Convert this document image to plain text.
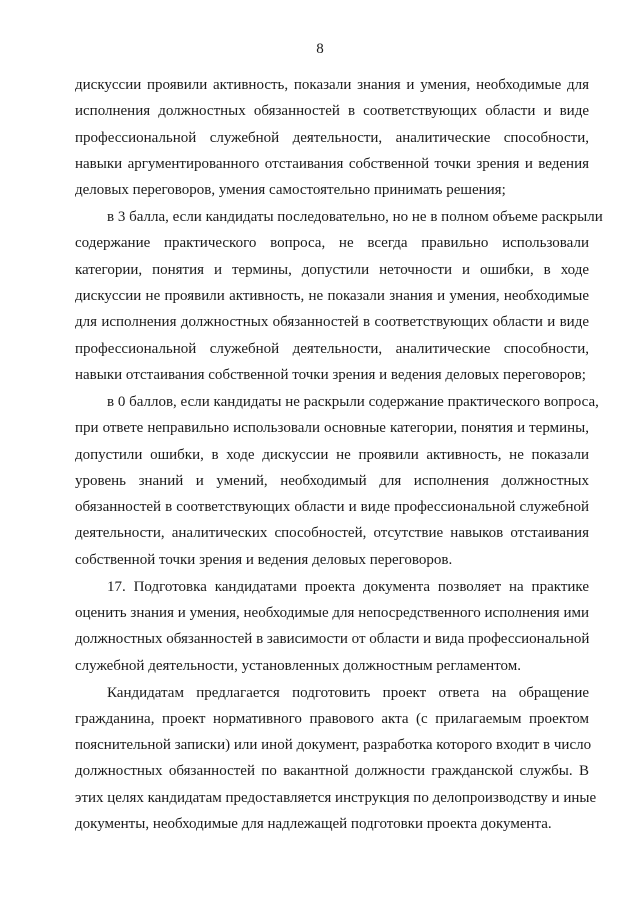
8
дискуссии проявили активность, показали знания и умения, необходимые для
исполнения должностных обязанностей в соответствующих области и виде
профессиональной служебной деятельности, аналитические способности,
навыки аргументированного отстаивания собственной точки зрения и ведения
деловых переговоров, умения самостоятельно принимать решения;
в 3 балла, если кандидаты последовательно, но не в полном объеме раскрыли
содержание практического вопроса, не всегда правильно использовали
категории, понятия и термины, допустили неточности и ошибки, в ходе
дискуссии не проявили активность, не показали знания и умения, необходимые
для исполнения должностных обязанностей в соответствующих области и виде
профессиональной служебной деятельности, аналитические способности,
навыки отстаивания собственной точки зрения и ведения деловых переговоров;
в 0 баллов, если кандидаты не раскрыли содержание практического вопроса,
при ответе неправильно использовали основные категории, понятия и термины,
допустили ошибки, в ходе дискуссии не проявили активность, не показали
уровень знаний и умений, необходимый для исполнения должностных
обязанностей в соответствующих области и виде профессиональной служебной
деятельности, аналитических способностей, отсутствие навыков отстаивания
собственной точки зрения и ведения деловых переговоров.
17. Подготовка кандидатами проекта документа позволяет на практике
оценить знания и умения, необходимые для непосредственного исполнения ими
должностных обязанностей в зависимости от области и вида профессиональной
служебной деятельности, установленных должностным регламентом.
Кандидатам предлагается подготовить проект ответа на обращение
гражданина, проект нормативного правового акта (с прилагаемым проектом
пояснительной записки) или иной документ, разработка которого входит в число
должностных обязанностей по вакантной должности гражданской службы. В
этих целях кандидатам предоставляется инструкция по делопроизводству и иные
документы, необходимые для надлежащей подготовки проекта документа.
